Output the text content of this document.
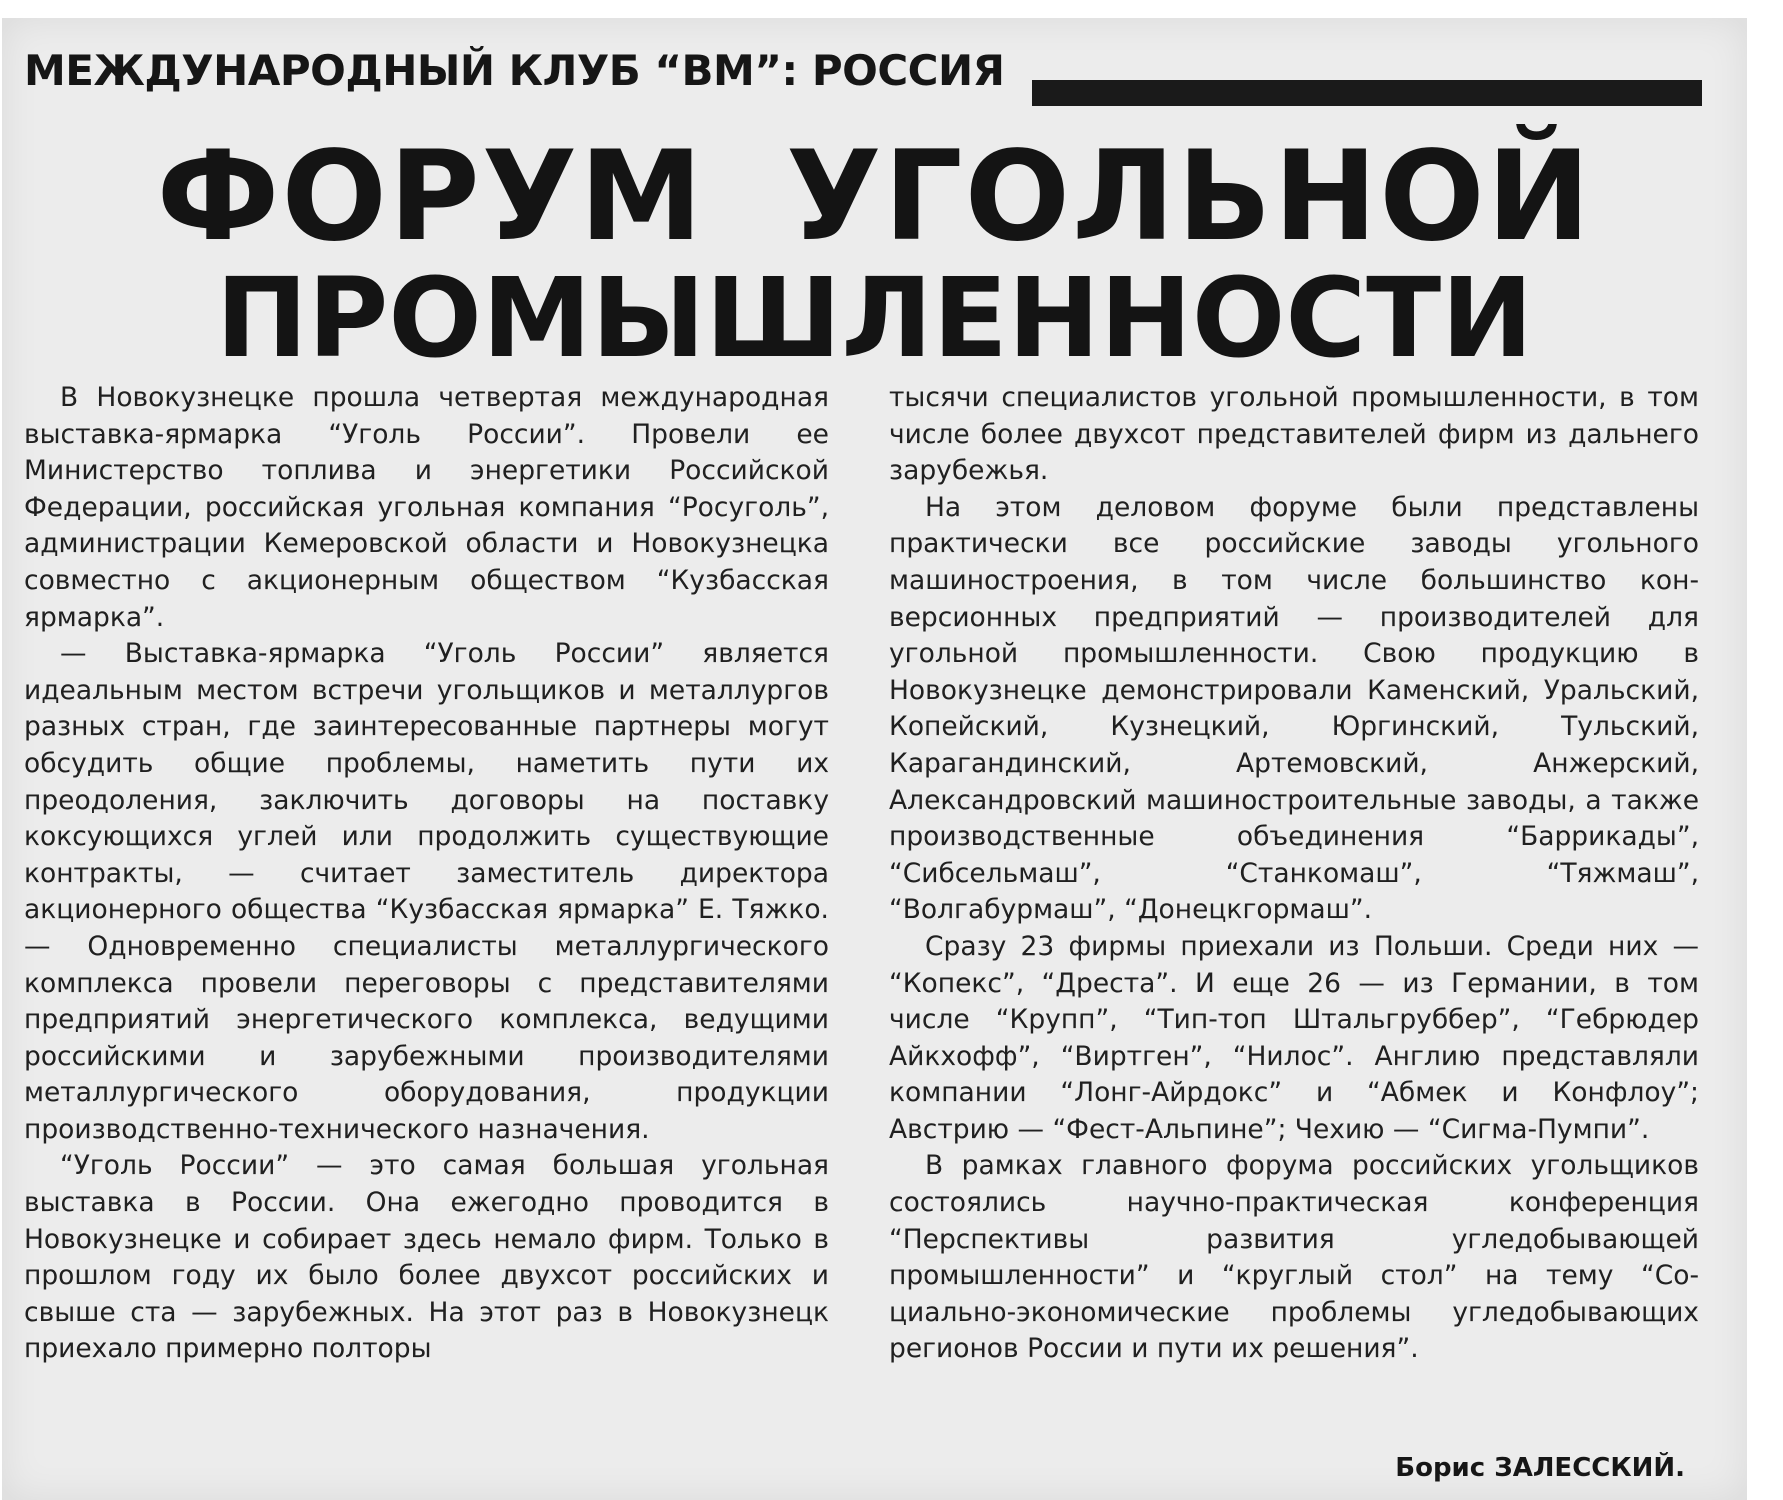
МЕЖДУНАРОДНЫЙ КЛУБ “ВМ”: РОССИЯ
ФОРУМ УГОЛЬНОЙ
ПРОМЫШЛЕННОСТИ

В Новокузнецке прошла четвертая международная выставка-ярмарка “Уголь России”. Провели ее Министерство топлива и энергетики Российской Федерации, российская угольная компания “Росуголь”, администрации Кемеровской области и Новокузнецка совместно с акционерным обществом “Кузбасская ярмарка”.

— Выставка-ярмарка “Уголь России” является идеальным местом встречи угольщиков и металлургов разных стран, где заинтересованные партнеры могут обсудить общие проблемы, наметить пути их преодоления, заключить договоры на поставку коксующихся углей или продолжить существующие контракты, — считает заместитель директора акционерного общества “Кузбасская ярмарка” Е. Тяжко.— Одновременно специалисты металлургического комплекса провели переговоры с представителями предприятий энергетического комплекса, ведущими российскими и зарубежными производителями металлургического оборудования, продукции производственно-технического назначения.

“Уголь России” — это самая большая угольная выставка в России. Она ежегодно проводится в Новокузнецке и собирает здесь немало фирм. Только в прошлом году их было более двухсот российских и свыше ста — зарубежных. На этот раз в Новокузнецк приехало примерно полторы

тысячи специалистов угольной промышленности, в том числе более двухсот представителей фирм из дальнего зарубежья.

На этом деловом форуме были представлены практически все российские заводы угольного машиностроения, в том числе большинство конверсионных предприятий — производителей для угольной промышленности. Свою продукцию в Новокузнецке демонстрировали Каменский, Уральский, Копейский, Кузнецкий, Юргинский, Тульский, Карагандинский, Артемовский, Анжерский, Александровский машиностроительные заводы, а также производственные объединения “Баррикады”, “Сибсельмаш”, “Станкомаш”, “Тяжмаш”, “Волгабурмаш”, “Донецкгормаш”.

Сразу 23 фирмы приехали из Польши. Среди них — “Копекс”, “Дреста”. И еще 26 — из Германии, в том числе “Крупп”, “Тип-топ Штальгруббер”, “Гебрюдер Айкхофф”, “Виртген”, “Нилос”. Англию представляли компании “Лонг-Айрдокс” и “Абмек и Конфлоу”; Австрию — “Фест-Альпине”; Чехию — “Сигма-Пумпи”.

В рамках главного форума российских угольщиков состоялись научно-практическая конференция “Перспективы развития угледобывающей промышленности” и “круглый стол” на тему “Социально-экономические проблемы угледобывающих регионов России и пути их решения”.

Борис ЗАЛЕССКИЙ.
